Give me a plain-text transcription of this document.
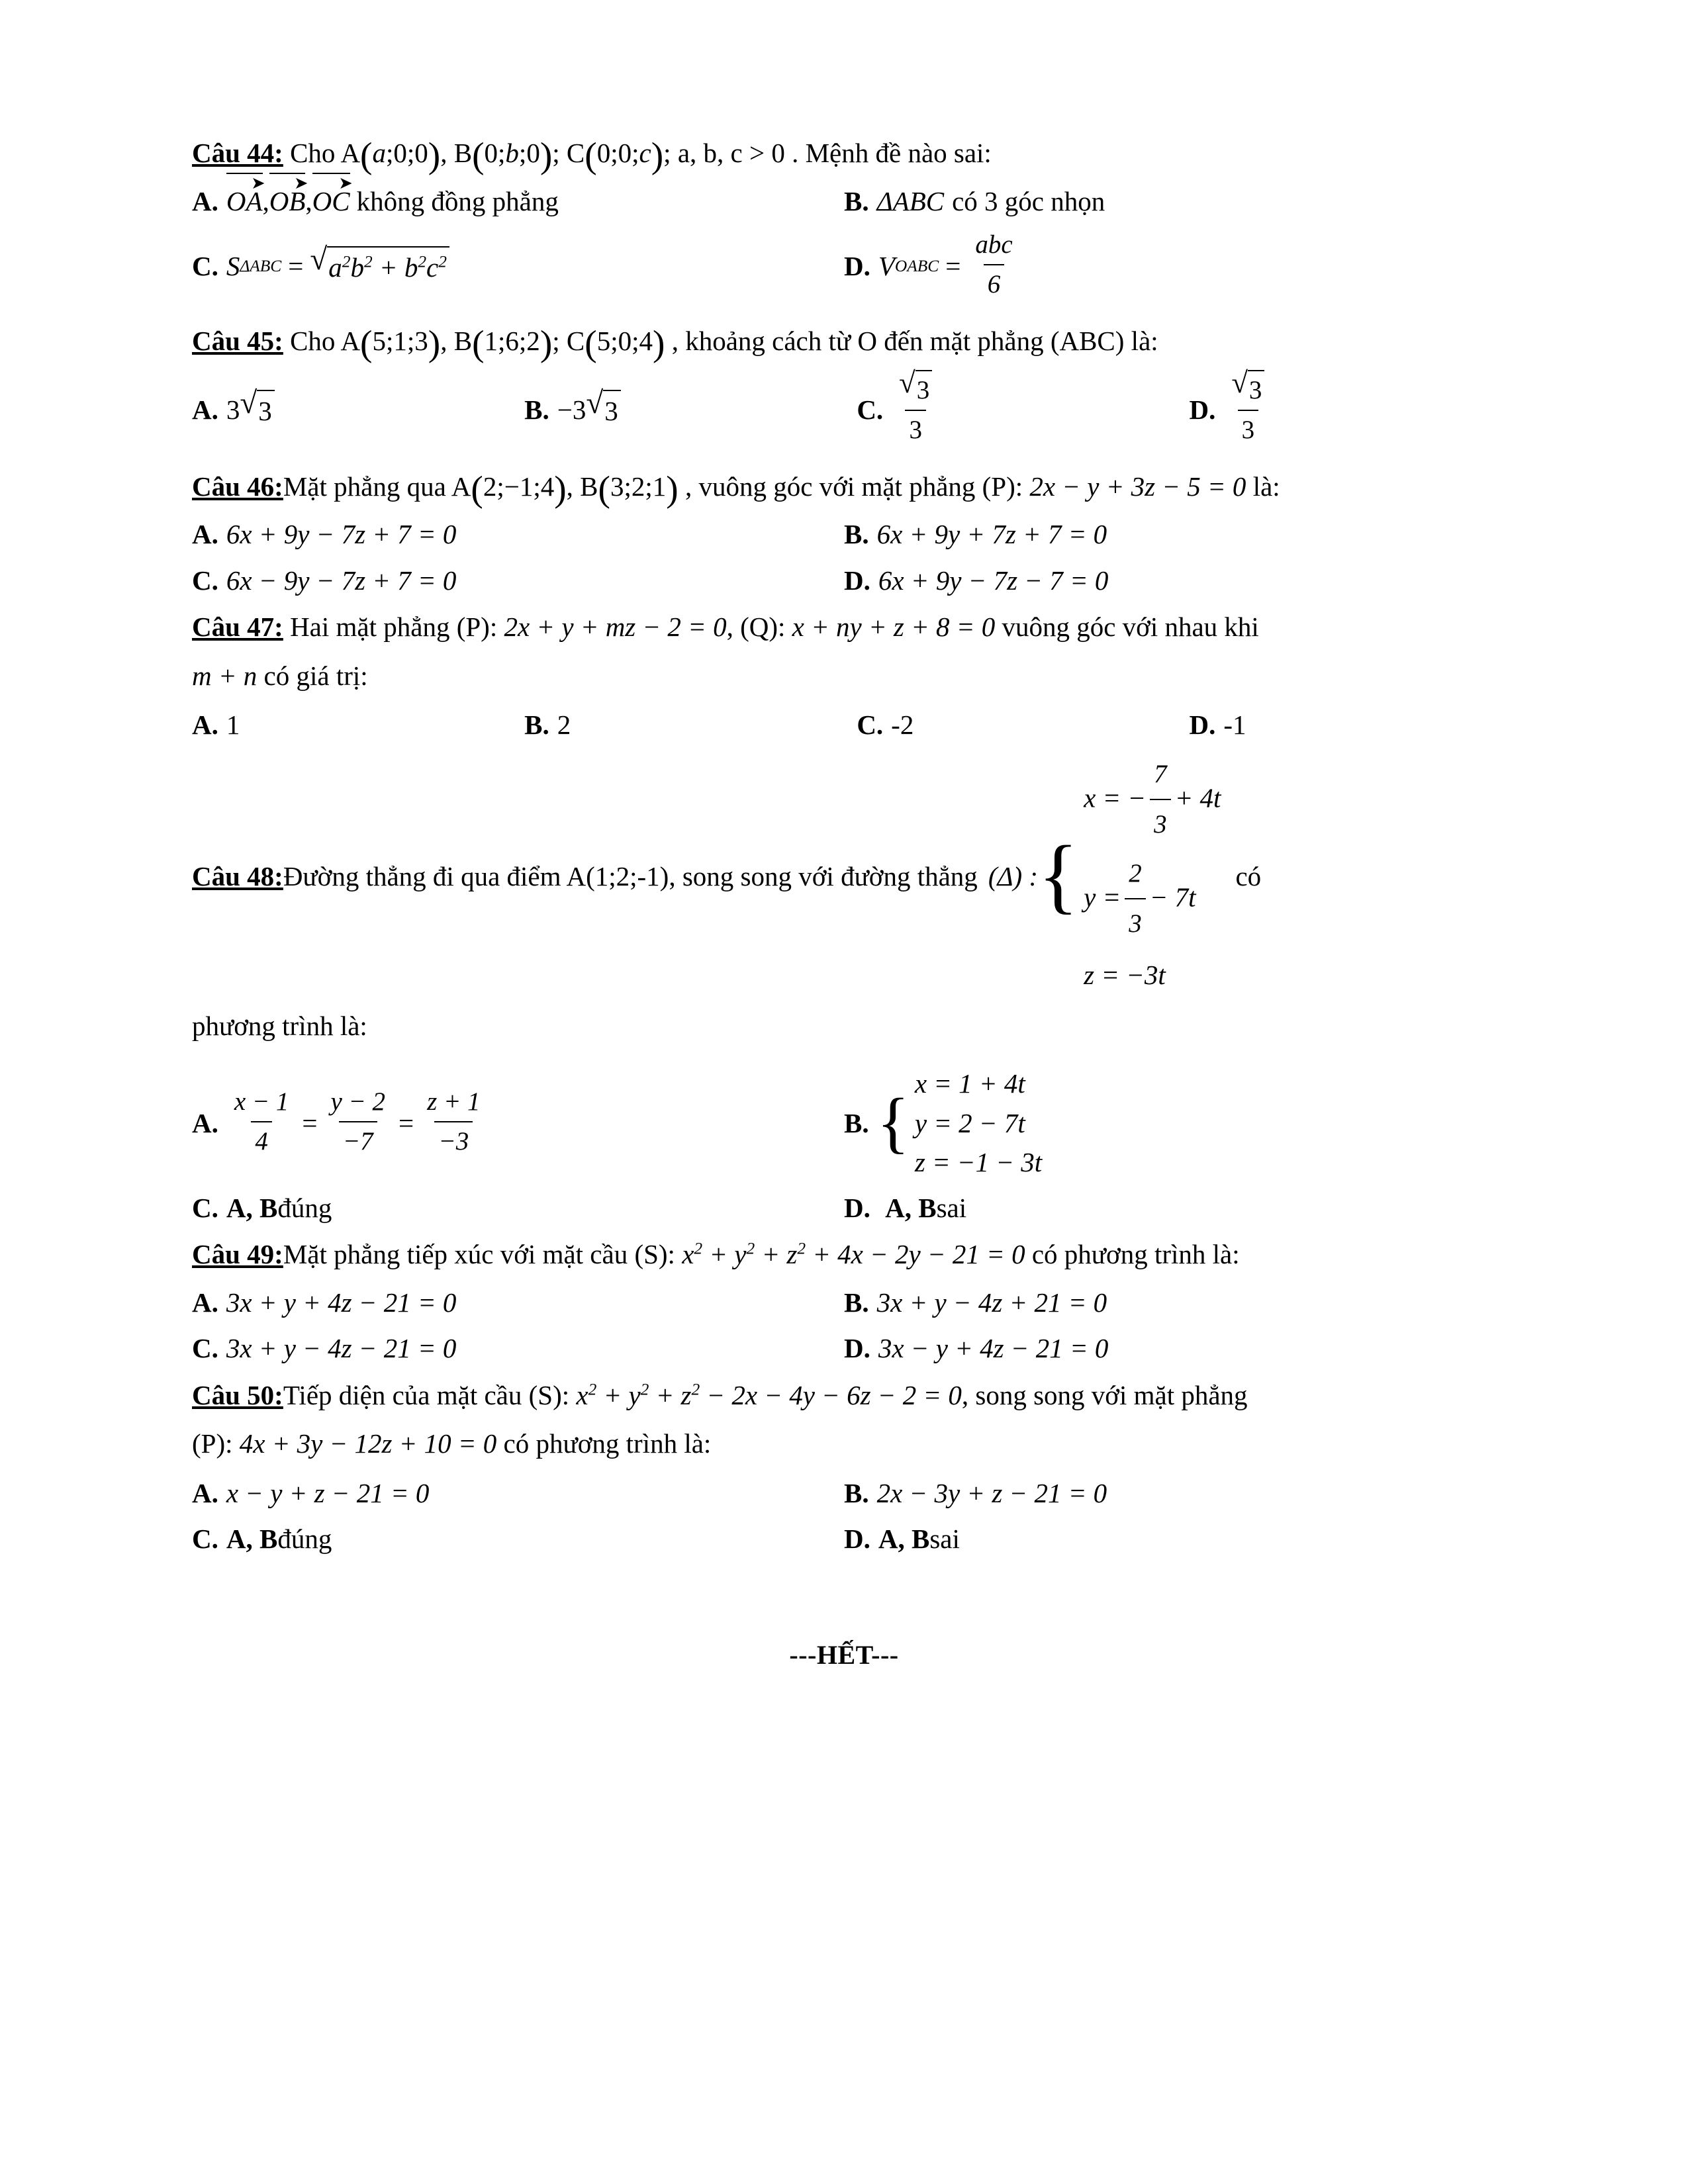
Câu 44: Cho A(a;0;0), B(0;b;0); C(0;0;c); a, b, c > 0 . Mệnh đề nào sai:
A. OA
➤
,OB
➤
,OC
➤
không đồng phẳng	B. ΔABC có 3 góc nhọn
C. S ΔABC = √ $a^2b^2 + b^2c^2$	D. V OABC = $\frac{\text{abc}}{6}$
Câu 45: Cho A(5;1;3), B(1;6;2); C(5;0;4) , khoảng cách từ O đến mặt phẳng (ABC) là:
A. 3 √ 3	B. −3 √ 3	C. $\frac{√ 3}{3}$	D. $\frac{√ 3}{3}$
Câu 46:Mặt phẳng qua A(2;−1;4), B(3;2;1) , vuông góc với mặt phẳng (P): 2x − y + 3z − 5 = 0 là:
A. 6x + 9y − 7z + 7 = 0	B. 6x + 9y + 7z + 7 = 0
C. 6x − 9y − 7z + 7 = 0	D. 6x + 9y − 7z − 7 = 0
Câu 47: Hai mặt phẳng (P): 2x + y + mz − 2 = 0, (Q): x + ny + z + 8 = 0 vuông góc với nhau khi
m + n có giá trị:
A. 1	B. 2	C. -2	D. -1
Câu 48:Đường thẳng đi qua điểm A(1;2;-1), song song với đường thẳng (Δ) : {
x = − $\frac{7}{3} + 4t$
$y = \frac{2}{3} - 7t$
z = −3t
có
phương trình là:
A. $\frac{x - 1}{4} = \frac{y - 2}{-7} = \frac{z + 1}{-3}$	B. {
x = 1 + 4t
y = 2 − 7t
z = −1 − 3t
C. A, B đúng	D. A, B sai
Câu 49:Mặt phẳng tiếp xúc với mặt cầu (S): $x^2 + y^2 + z^2 + 4x - 2y - 21 = 0$ có phương trình là:
A. 3x + y + 4z − 21 = 0	B. 3x + y − 4z + 21 = 0
C. 3x + y − 4z − 21 = 0	D. 3x − y + 4z − 21 = 0
Câu 50:Tiếp diện của mặt cầu (S): $x^2 + y^2 + z^2 - 2x - 4y - 6z - 2 = 0$, song song với mặt phẳng
(P): 4x + 3y − 12z + 10 = 0 có phương trình là:
A. x − y + z − 21 = 0	B. 2x − 3y + z − 21 = 0
C. A, B đúng	D. A, B sai
---HẾT---
